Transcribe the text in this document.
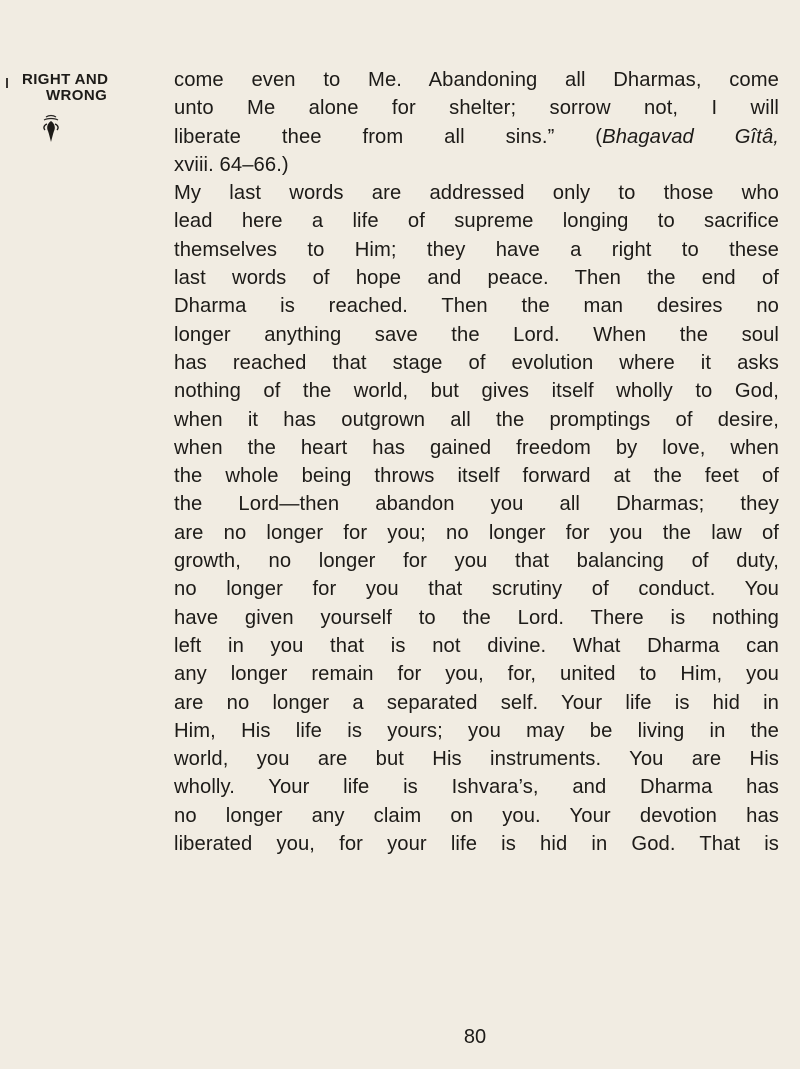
RIGHT AND
WRONG
come even to Me. Abandoning all Dharmas, come
unto Me alone for shelter; sorrow not, I will
liberate thee from all sins.” (Bhagavad Gîtâ,
xviii. 64–66.)
My last words are addressed only to those who
lead here a life of supreme longing to sacrifice
themselves to Him; they have a right to these
last words of hope and peace. Then the end of
Dharma is reached. Then the man desires no
longer anything save the Lord. When the soul
has reached that stage of evolution where it asks
nothing of the world, but gives itself wholly to God,
when it has outgrown all the promptings of desire,
when the heart has gained freedom by love, when
the whole being throws itself forward at the feet of
the Lord—then abandon you all Dharmas; they
are no longer for you; no longer for you the law of
growth, no longer for you that balancing of duty,
no longer for you that scrutiny of conduct. You
have given yourself to the Lord. There is nothing
left in you that is not divine. What Dharma can
any longer remain for you, for, united to Him, you
are no longer a separated self. Your life is hid in
Him, His life is yours; you may be living in the
world, you are but His instruments. You are His
wholly. Your life is Ishvara’s, and Dharma has
no longer any claim on you. Your devotion has
liberated you, for your life is hid in God. That is
80
